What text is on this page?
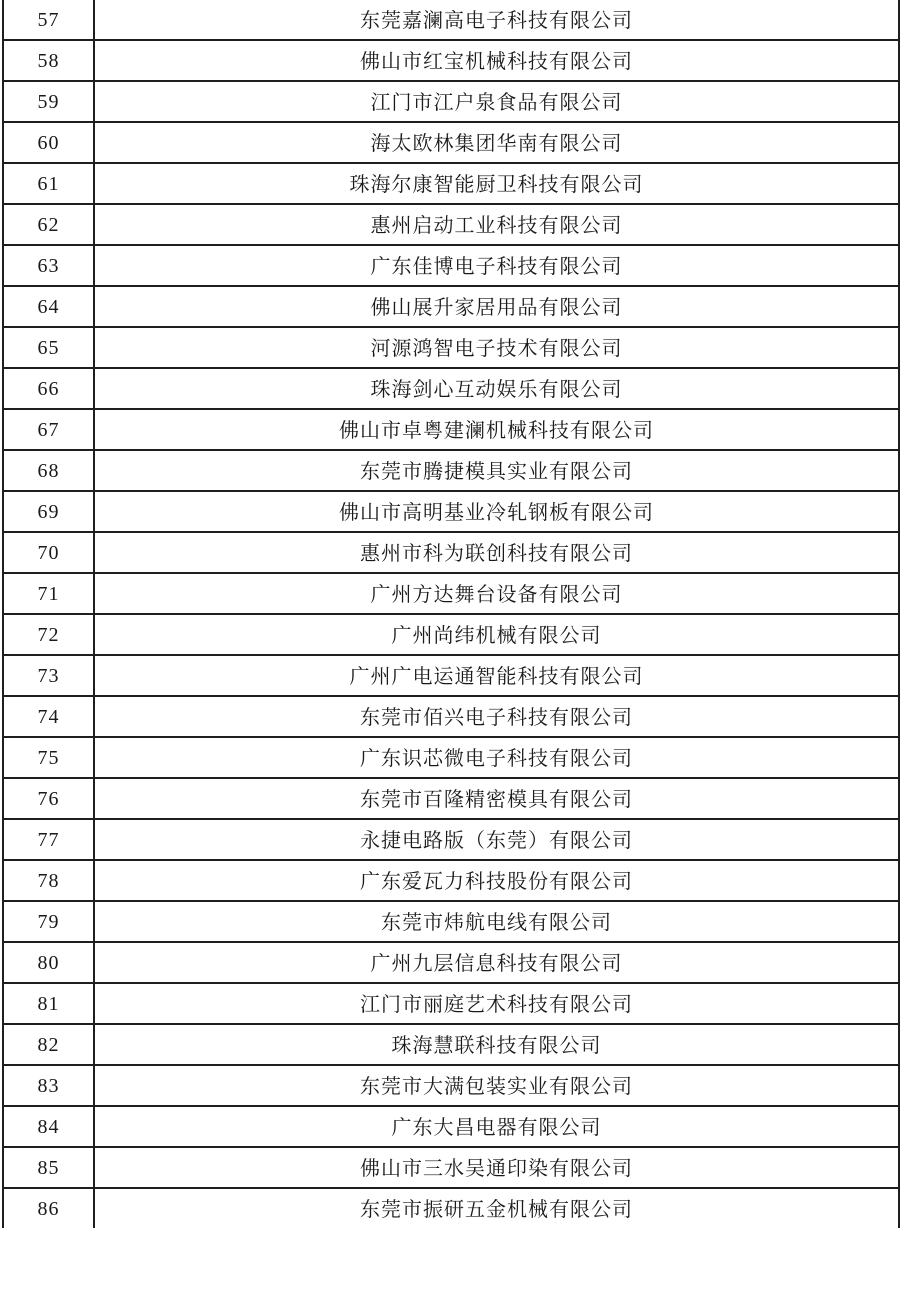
57	东莞嘉澜高电子科技有限公司
58	佛山市红宝机械科技有限公司
59	江门市江户泉食品有限公司
60	海太欧林集团华南有限公司
61	珠海尔康智能厨卫科技有限公司
62	惠州启动工业科技有限公司
63	广东佳博电子科技有限公司
64	佛山展升家居用品有限公司
65	河源鸿智电子技术有限公司
66	珠海剑心互动娱乐有限公司
67	佛山市卓粤建澜机械科技有限公司
68	东莞市腾捷模具实业有限公司
69	佛山市高明基业冷轧钢板有限公司
70	惠州市科为联创科技有限公司
71	广州方达舞台设备有限公司
72	广州尚纬机械有限公司
73	广州广电运通智能科技有限公司
74	东莞市佰兴电子科技有限公司
75	广东识芯微电子科技有限公司
76	东莞市百隆精密模具有限公司
77	永捷电路版（东莞）有限公司
78	广东爱瓦力科技股份有限公司
79	东莞市炜航电线有限公司
80	广州九层信息科技有限公司
81	江门市丽庭艺术科技有限公司
82	珠海慧联科技有限公司
83	东莞市大满包装实业有限公司
84	广东大昌电器有限公司
85	佛山市三水吴通印染有限公司
86	东莞市振研五金机械有限公司
